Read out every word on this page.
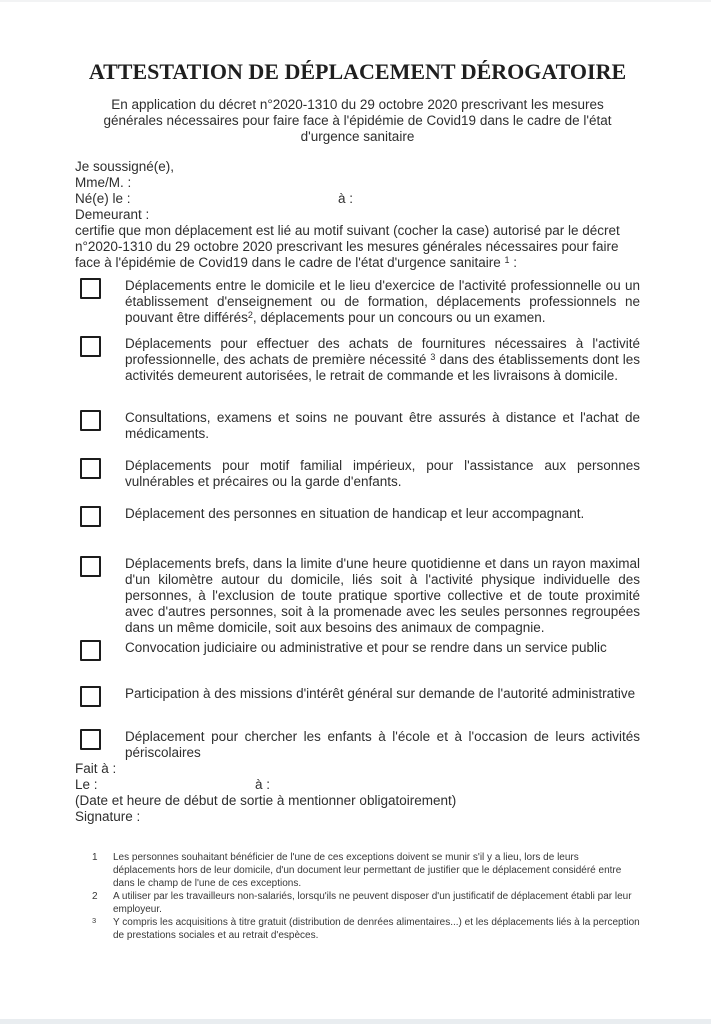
ATTESTATION DE DÉPLACEMENT DÉROGATOIRE

En application du décret n°2020-1310 du 29 octobre 2020 prescrivant les mesures générales nécessaires pour faire face à l'épidémie de Covid19 dans le cadre de l'état d'urgence sanitaire

Je soussigné(e),

Mme/M. :

Né(e) le :	à :

Demeurant :

certifie que mon déplacement est lié au motif suivant (cocher la case) autorisé par le décret n°2020-1310 du 29 octobre 2020 prescrivant les mesures générales nécessaires pour faire face à l'épidémie de Covid19 dans le cadre de l'état d'urgence sanitaire $^1$ :

Déplacements entre le domicile et le lieu d'exercice de l'activité professionnelle ou un établissement d'enseignement ou de formation, déplacements professionnels ne pouvant être différés$^2$, déplacements pour un concours ou un examen.

Déplacements pour effectuer des achats de fournitures nécessaires à l'activité professionnelle, des achats de première nécessité $^3$ dans des établissements dont les activités demeurent autorisées, le retrait de commande et les livraisons à domicile.

Consultations, examens et soins ne pouvant être assurés à distance et l'achat de médicaments.

Déplacements pour motif familial impérieux, pour l'assistance aux personnes vulnérables et précaires ou la garde d'enfants.

Déplacement des personnes en situation de handicap et leur accompagnant.

Déplacements brefs, dans la limite d'une heure quotidienne et dans un rayon maximal d'un kilomètre autour du domicile, liés soit à l'activité physique individuelle des personnes, à l'exclusion de toute pratique sportive collective et de toute proximité avec d'autres personnes, soit à la promenade avec les seules personnes regroupées dans un même domicile, soit aux besoins des animaux de compagnie.

Convocation judiciaire ou administrative et pour se rendre dans un service public

Participation à des missions d'intérêt général sur demande de l'autorité administrative

Déplacement pour chercher les enfants à l'école et à l'occasion de leurs activités périscolaires

Fait à :

Le :	à :

(Date et heure de début de sortie à mentionner obligatoirement)

Signature :

1	Les personnes souhaitant bénéficier de l'une de ces exceptions doivent se munir s'il y a lieu, lors de leurs déplacements hors de leur domicile, d'un document leur permettant de justifier que le déplacement considéré entre dans le champ de l'une de ces exceptions.
2	A utiliser par les travailleurs non-salariés, lorsqu'ils ne peuvent disposer d'un justificatif de déplacement établi par leur employeur.
3	Y compris les acquisitions à titre gratuit (distribution de denrées alimentaires...) et les déplacements liés à la perception de prestations sociales et au retrait d'espèces.
